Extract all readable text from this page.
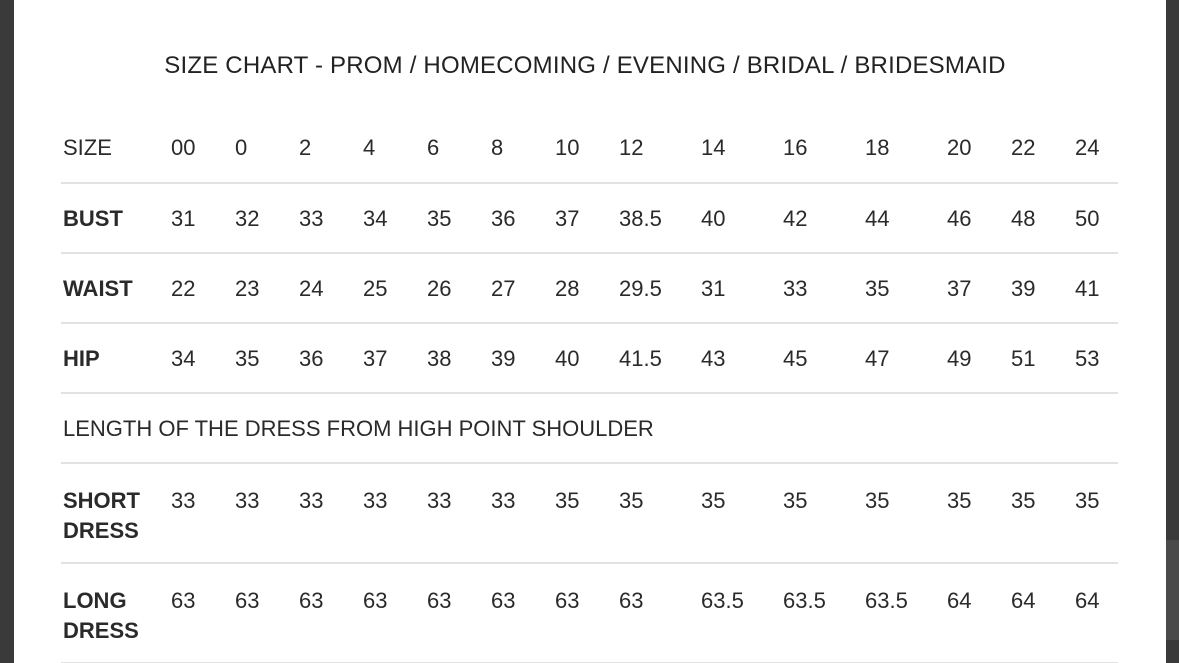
SIZE CHART - PROM / HOMECOMING / EVENING / BRIDAL / BRIDESMAID
SIZE	00	0	2	4	6	8	10	12	14	16	18	20	22	24
BUST	31	32	33	34	35	36	37	38.5	40	42	44	46	48	50
WAIST	22	23	24	25	26	27	28	29.5	31	33	35	37	39	41
HIP	34	35	36	37	38	39	40	41.5	43	45	47	49	51	53
LENGTH OF THE DRESS FROM HIGH POINT SHOULDER														
SHORT
DRESS	33	33	33	33	33	33	35	35	35	35	35	35	35	35
LONG
DRESS	63	63	63	63	63	63	63	63	63.5	63.5	63.5	64	64	64
